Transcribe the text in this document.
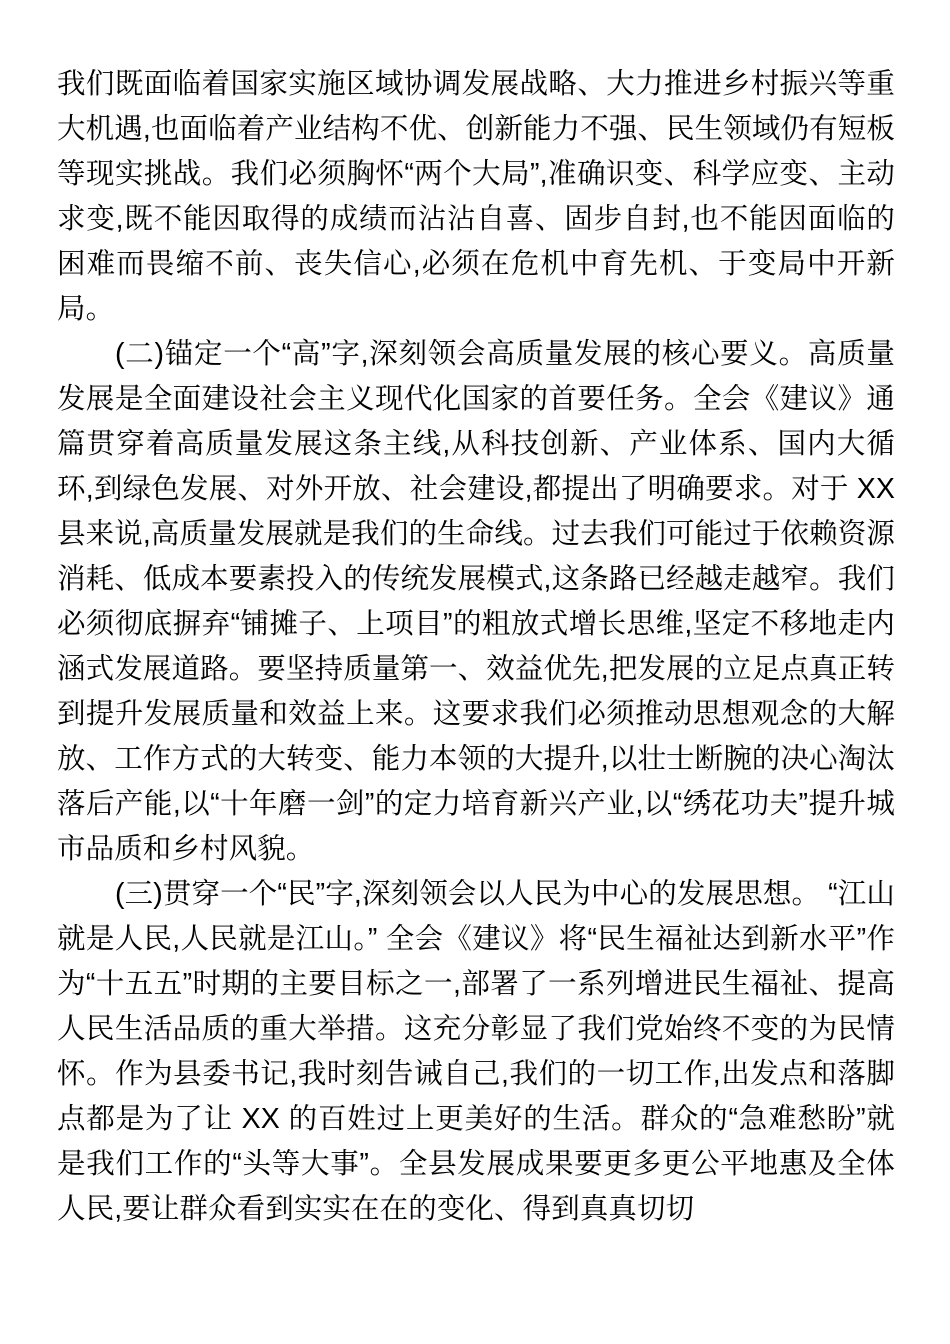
我们既面临着国家实施区域协调发展战略、大力推进乡村振兴等重大机遇,也面临着产业结构不优、创新能力不强、民生领域仍有短板等现实挑战。我们必须胸怀“两个大局”,准确识变、科学应变、主动求变,既不能因取得的成绩而沾沾自喜、固步自封,也不能因面临的困难而畏缩不前、丧失信心,必须在危机中育先机、于变局中开新局。

(二)锚定一个“高”字,深刻领会高质量发展的核心要义。高质量发展是全面建设社会主义现代化国家的首要任务。全会《建议》通篇贯穿着高质量发展这条主线,从科技创新、产业体系、国内大循环,到绿色发展、对外开放、社会建设,都提出了明确要求。对于 XX 县来说,高质量发展就是我们的生命线。过去我们可能过于依赖资源消耗、低成本要素投入的传统发展模式,这条路已经越走越窄。我们必须彻底摒弃“铺摊子、上项目”的粗放式增长思维,坚定不移地走内涵式发展道路。要坚持质量第一、效益优先,把发展的立足点真正转到提升发展质量和效益上来。这要求我们必须推动思想观念的大解放、工作方式的大转变、能力本领的大提升,以壮士断腕的决心淘汰落后产能,以“十年磨一剑”的定力培育新兴产业,以“绣花功夫”提升城市品质和乡村风貌。

(三)贯穿一个“民”字,深刻领会以人民为中心的发展思想。 “江山就是人民,人民就是江山。” 全会《建议》将“民生福祉达到新水平”作为“十五五”时期的主要目标之一,部署了一系列增进民生福祉、提高人民生活品质的重大举措。这充分彰显了我们党始终不变的为民情怀。作为县委书记,我时刻告诫自己,我们的一切工作,出发点和落脚点都是为了让 XX 的百姓过上更美好的生活。群众的“急难愁盼”就是我们工作的“头等大事”。全县发展成果要更多更公平地惠及全体人民,要让群众看到实实在在的变化、得到真真切切
